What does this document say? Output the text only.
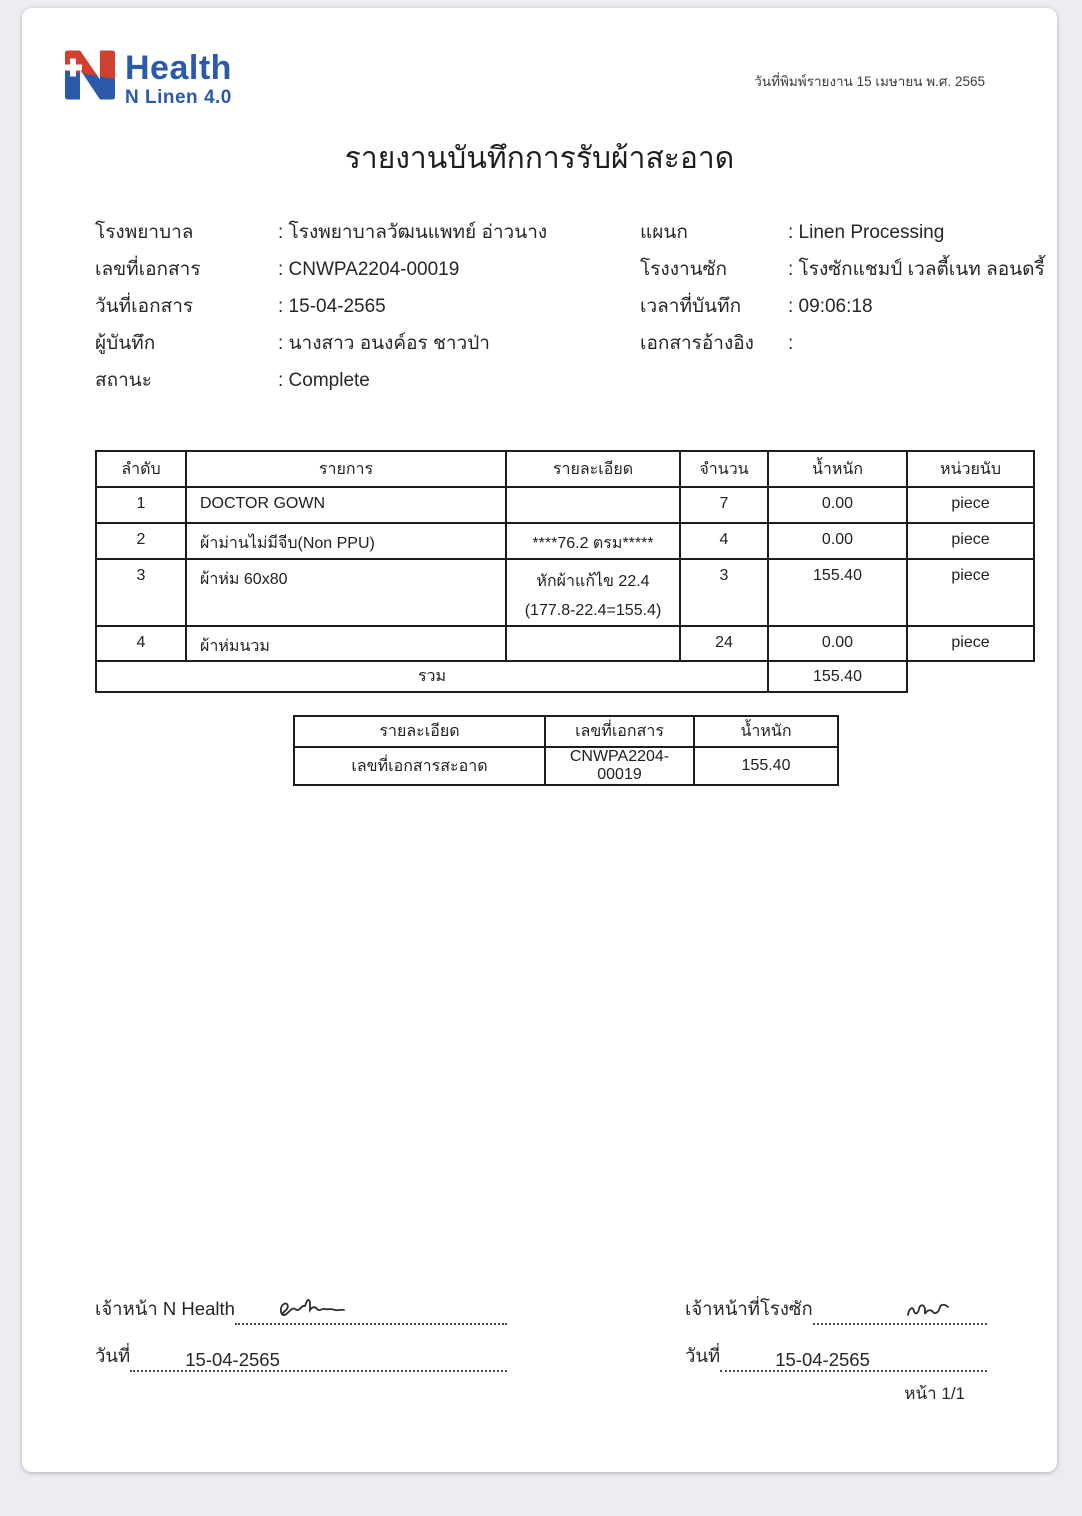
Health
N Linen 4.0
วันที่พิมพ์รายงาน 15 เมษายน พ.ศ. 2565
รายงานบันทึกการรับผ้าสะอาด
โรงพยาบาล	: โรงพยาบาลวัฒนแพทย์ อ่าวนาง
เลขที่เอกสาร	: CNWPA2204-00019
วันที่เอกสาร	: 15-04-2565
ผู้บันทึก	: นางสาว อนงค์อร ชาวป่า
สถานะ	: Complete
แผนก	: Linen Processing
โรงงานซัก	: โรงซักแชมป์ เวลตี้เนท ลอนดรี้
เวลาที่บันทึก	: 09:06:18
เอกสารอ้างอิง	:
ลำดับ	รายการ	รายละเอียด	จำนวน	น้ำหนัก	หน่วยนับ
1	DOCTOR GOWN		7	0.00	piece
2	ผ้าม่านไม่มีจีบ(Non PPU)	****76.2 ตรม*****	4	0.00	piece
3	ผ้าห่ม 60x80	หักผ้าแก้ไข 22.4
(177.8-22.4=155.4)	3	155.40	piece
4	ผ้าห่มนวม		24	0.00	piece
รวม				155.40	
รายละเอียด	เลขที่เอกสาร	น้ำหนัก
เลขที่เอกสารสะอาด	CNWPA2204-00019	155.40
เจ้าหน้า N Health
วันที่	15-04-2565
เจ้าหน้าที่โรงซัก
วันที่	15-04-2565
หน้า 1/1
